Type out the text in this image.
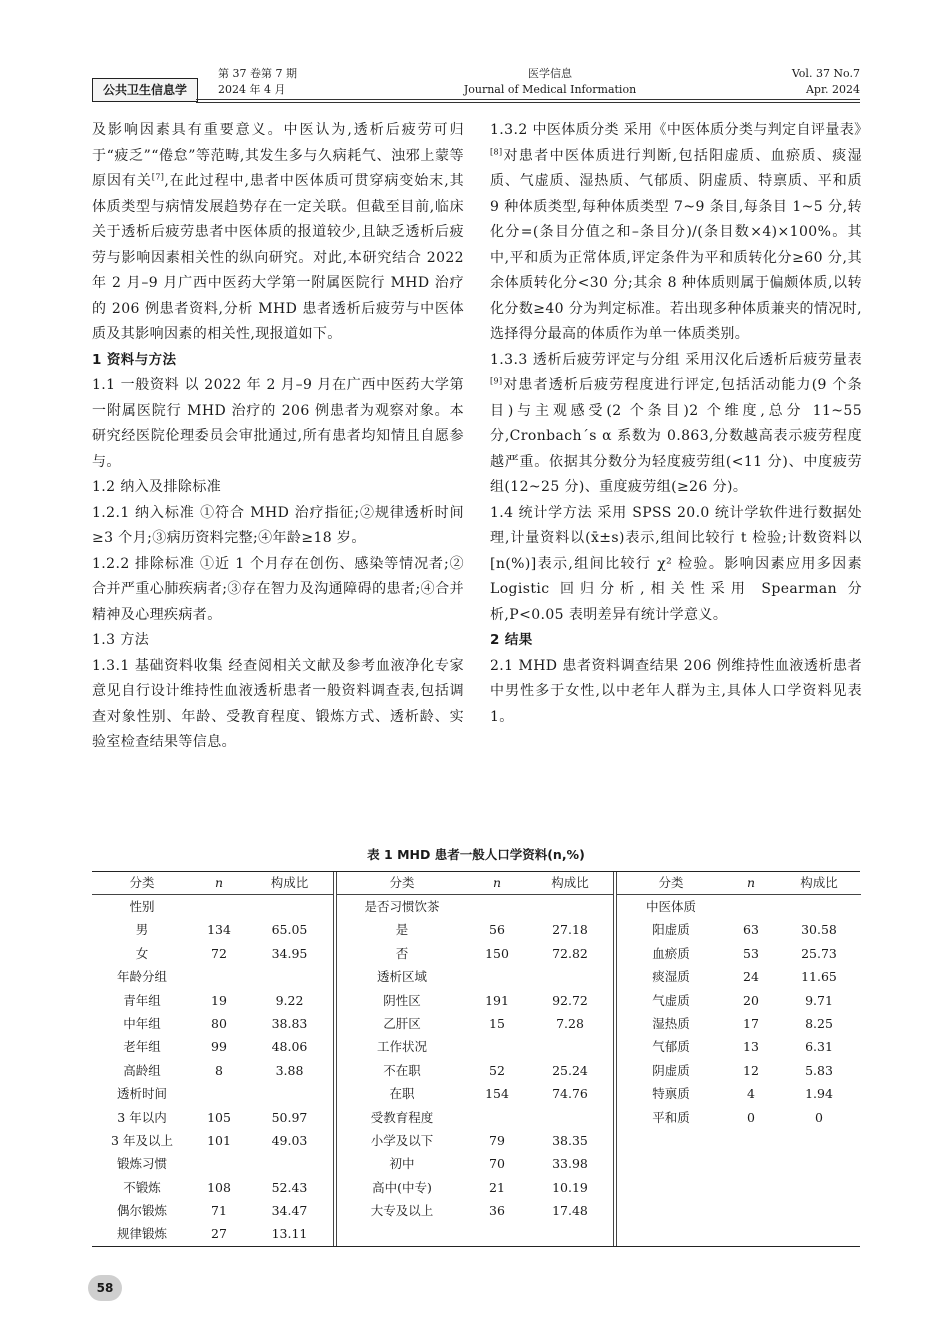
公共卫生信息学
第 37 卷第 7 期
2024 年 4 月
医学信息
Journal of Medical Information
Vol. 37 No.7
Apr. 2024

及影响因素具有重要意义。中医认为,透析后疲劳可归于“疲乏”“倦怠”等范畴,其发生多与久病耗气、浊邪上蒙等原因有关[7],在此过程中,患者中医体质可贯穿病变始末,其体质类型与病情发展趋势存在一定关联。但截至目前,临床关于透析后疲劳患者中医体质的报道较少,且缺乏透析后疲劳与影响因素相关性的纵向研究。对此,本研究结合 2022 年 2 月–9 月广西中医药大学第一附属医院行 MHD 治疗的 206 例患者资料,分析 MHD 患者透析后疲劳与中医体质及其影响因素的相关性,现报道如下。

1 资料与方法

1.1 一般资料 以 2022 年 2 月–9 月在广西中医药大学第一附属医院行 MHD 治疗的 206 例患者为观察对象。本研究经医院伦理委员会审批通过,所有患者均知情且自愿参与。

1.2 纳入及排除标准

1.2.1 纳入标准 ①符合 MHD 治疗指征;②规律透析时间≥3 个月;③病历资料完整;④年龄≥18 岁。

1.2.2 排除标准 ①近 1 个月存在创伤、感染等情况者;②合并严重心肺疾病者;③存在智力及沟通障碍的患者;④合并精神及心理疾病者。

1.3 方法

1.3.1 基础资料收集 经查阅相关文献及参考血液净化专家意见自行设计维持性血液透析患者一般资料调查表,包括调查对象性别、年龄、受教育程度、锻炼方式、透析龄、实验室检查结果等信息。

1.3.2 中医体质分类 采用《中医体质分类与判定自评量表》[8]对患者中医体质进行判断,包括阳虚质、血瘀质、痰湿质、气虚质、湿热质、气郁质、阴虚质、特禀质、平和质 9 种体质类型,每种体质类型 7~9 条目,每条目 1~5 分,转化分=(条目分值之和–条目分)/(条目数×4)×100%。其中,平和质为正常体质,评定条件为平和质转化分≥60 分,其余体质转化分<30 分;其余 8 种体质则属于偏颇体质,以转化分数≥40 分为判定标准。若出现多种体质兼夹的情况时,选择得分最高的体质作为单一体质类别。

1.3.3 透析后疲劳评定与分组 采用汉化后透析后疲劳量表[9]对患者透析后疲劳程度进行评定,包括活动能力(9 个条目)与主观感受(2 个条目)2 个维度,总分 11~55 分,Cronbach´s α 系数为 0.863,分数越高表示疲劳程度越严重。依据其分数分为轻度疲劳组(<11 分)、中度疲劳组(12~25 分)、重度疲劳组(≥26 分)。

1.4 统计学方法 采用 SPSS 20.0 统计学软件进行数据处理,计量资料以(x̄±s)表示,组间比较行 t 检验;计数资料以[n(%)]表示,组间比较行 χ² 检验。影响因素应用多因素 Logistic 回归分析,相关性采用 Spearman 分析,P<0.05 表明差异有统计学意义。

2 结果

2.1 MHD 患者资料调查结果 206 例维持性血液透析患者中男性多于女性,以中老年人群为主,具体人口学资料见表 1。

表 1 MHD 患者一般人口学资料(n,%)
分类	n	构成比
性别
男	134	65.05
女	72	34.95
年龄分组
青年组	19	9.22
中年组	80	38.83
老年组	99	48.06
高龄组	8	3.88
透析时间
3 年以内	105	50.97
3 年及以上	101	49.03
锻炼习惯
不锻炼	108	52.43
偶尔锻炼	71	34.47
规律锻炼	27	13.11
分类	n	构成比
是否习惯饮茶
是	56	27.18
否	150	72.82
透析区域
阴性区	191	92.72
乙肝区	15	7.28
工作状况
不在职	52	25.24
在职	154	74.76
受教育程度
小学及以下	79	38.35
初中	70	33.98
高中(中专)	21	10.19
大专及以上	36	17.48
分类	n	构成比
中医体质
阳虚质	63	30.58
血瘀质	53	25.73
痰湿质	24	11.65
气虚质	20	9.71
湿热质	17	8.25
气郁质	13	6.31
阴虚质	12	5.83
特禀质	4	1.94
平和质	0	0
58
